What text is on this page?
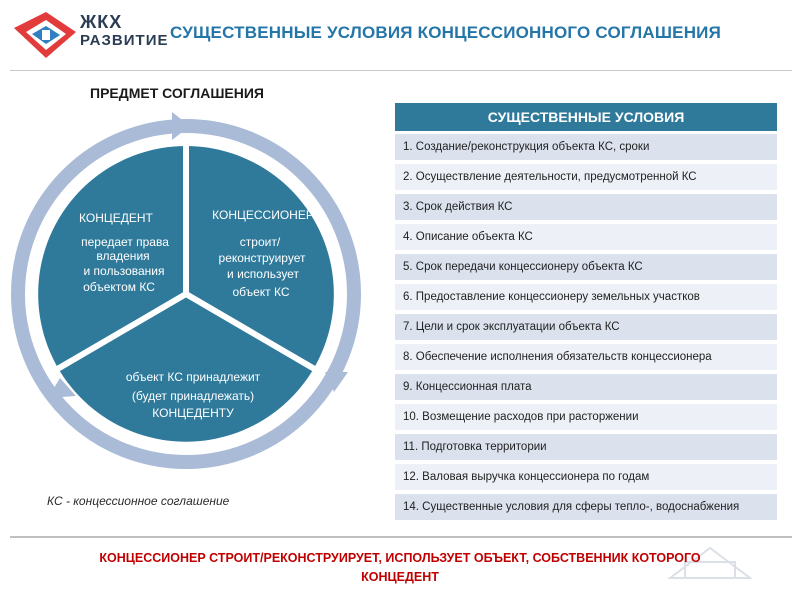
ЖКХ
РАЗВИТИЕ СУЩЕСТВЕННЫЕ УСЛОВИЯ КОНЦЕССИОННОГО СОГЛАШЕНИЯ
ПРЕДМЕТ СОГЛАШЕНИЯ
КОНЦЕДЕНТ
передает права
владения
и пользования
объектом КС
КОНЦЕССИОНЕР
строит/
реконструирует
и использует
объект КС
объект КС принадлежит
(будет принадлежать)
КОНЦЕДЕНТУ
КС - концессионное соглашение
СУЩЕСТВЕННЫЕ УСЛОВИЯ
1. Создание/реконструкция объекта КС, сроки
2. Осуществление деятельности, предусмотренной КС
3. Срок действия КС
4. Описание объекта КС
5. Срок передачи концессионеру объекта КС
6. Предоставление концессионеру земельных участков
7. Цели и срок эксплуатации объекта КС
8. Обеспечение исполнения обязательств концессионера
9. Концессионная плата
10. Возмещение расходов при расторжении
11. Подготовка территории
12. Валовая выручка концессионера по годам
14. Существенные условия для сферы тепло-, водоснабжения
КОНЦЕССИОНЕР СТРОИТ/РЕКОНСТРУИРУЕТ, ИСПОЛЬЗУЕТ ОБЪЕКТ, СОБСТВЕННИК КОТОРОГО
КОНЦЕДЕНТ
